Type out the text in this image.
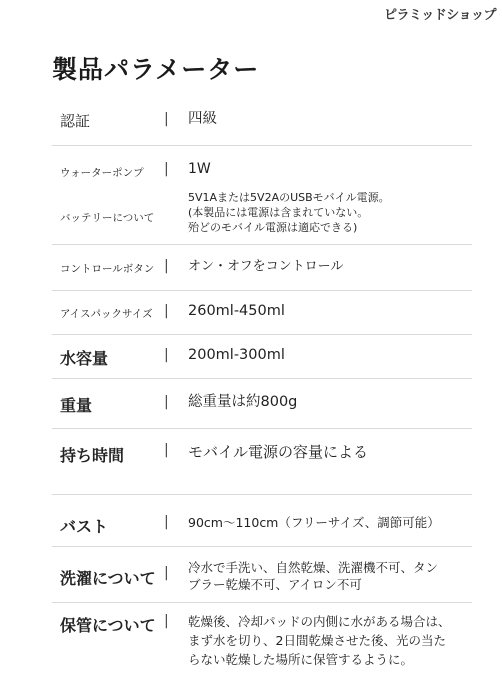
ピラミッドショップ
製品パラメーター
認証	| 四級
ウォーターポンプ | 1W
バッテリーについて
5V1Aまたは5V2AのUSBモバイル電源。
(本製品には電源は含まれていない。
殆どのモバイル電源は適応できる)
コントロールボタン | オン・オフをコントロール
アイスパックサイズ | 260ml-450ml
水容量	| 200ml-300ml
重量	| 総重量は約800g
持ち時間	| モバイル電源の容量による
バスト	| 90cm〜110cm（フリーサイズ、調節可能）
洗濯について | 冷水で手洗い、自然乾燥、洗濯機不可、タン
ブラー乾燥不可、アイロン不可
保管について | 乾燥後、冷却パッドの内側に水がある場合は、
まず水を切り、2日間乾燥させた後、光の当た
らない乾燥した場所に保管するように。
